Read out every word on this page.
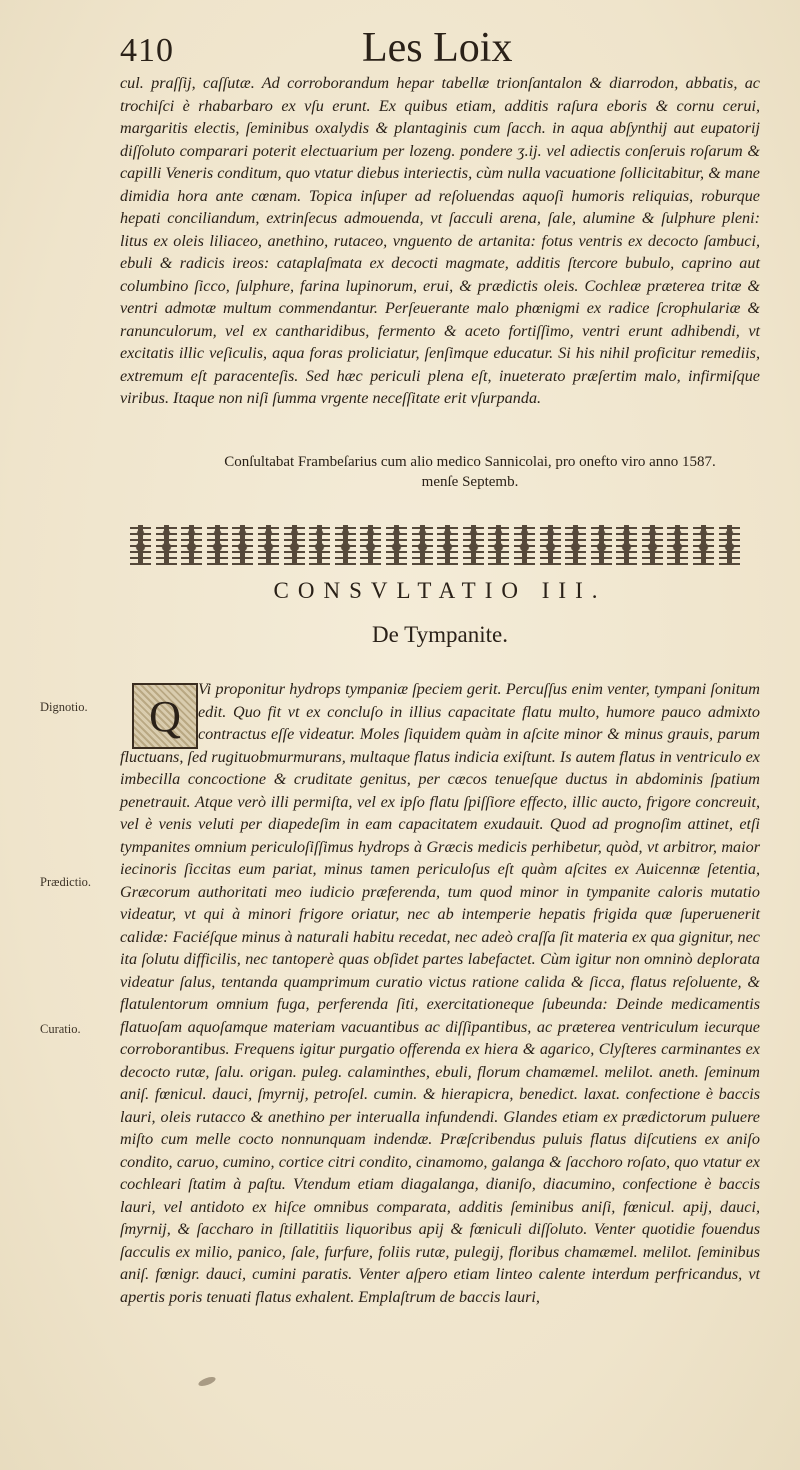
410	Les Loix

cul. praſſij, caſſutæ. Ad corroborandum hepar tabellæ trionſantalon & diarrodon, abbatis, ac trochiſci è rhabarbaro ex vſu erunt. Ex quibus etiam, additis raſura eboris & cornu cerui, margaritis electis, ſeminibus oxalydis & plantaginis cum ſacch. in aqua abſynthij aut eupatorij diſſoluto comparari poterit electuarium per lozeng. pondere ʒ.ij. vel adiectis conſeruis roſarum & capilli Veneris conditum, quo vtatur diebus interiectis, cùm nulla vacuatione ſollicitabitur, & mane dimidia hora ante cœnam. Topica inſuper ad reſoluendas aquoſi humoris reliquias, roburque hepati conciliandum, extrinſecus admouenda, vt ſacculi arena, ſale, alumine & ſulphure pleni: litus ex oleis liliaceo, anethino, rutaceo, vnguento de artanita: fotus ventris ex decocto ſambuci, ebuli & radicis ireos: cataplaſmata ex decocti magmate, additis ſtercore bubulo, caprino aut columbino ſicco, ſulphure, farina lupinorum, erui, & prædictis oleis. Cochleæ præterea tritæ & ventri admotæ multum commendantur. Perſeuerante malo phœnigmi ex radice ſcrophulariæ & ranunculorum, vel ex cantharidibus, fermento & aceto fortiſſimo, ventri erunt adhibendi, vt excitatis illic veſiculis, aqua foras proliciatur, ſenſimque educatur. Si his nihil proficitur remediis, extremum eſt paracenteſis. Sed hæc periculi plena eſt, inueterato præſertim malo, infirmiſque viribus. Itaque non niſi ſumma vrgente neceſſitate erit vſurpanda.

Conſultabat Frambeſarius cum alio medico Sannicolai, pro onefto viro anno 1587. menſe Septemb.
CONSVLTATIO III.
De Tympanite.
Dignotio.
Prædictio.
Curatio.
Q

Vi proponitur hydrops tympaniæ ſpeciem gerit. Percuſſus enim venter, tympani ſonitum edit. Quo fit vt ex concluſo in illius capacitate flatu multo, humore pauco admixto contractus eſſe videatur. Moles ſiquidem quàm in aſcite minor & minus grauis, parum fluctuans, ſed rugituobmurmurans, multaque flatus indicia exiſtunt. Is autem flatus in ventriculo ex imbecilla concoctione & cruditate genitus, per cæcos tenueſque ductus in abdominis ſpatium penetrauit. Atque verò illi permiſta, vel ex ipſo flatu ſpiſſiore effecto, illic aucto, frigore concreuit, vel è venis veluti per diapedeſim in eam capacitatem exudauit. Quod ad prognoſim attinet, etſi tympanites omnium periculoſiſſimus hydrops à Græcis medicis perhibetur, quòd, vt arbitror, maior iecinoris ſiccitas eum pariat, minus tamen periculoſus eſt quàm aſcites ex Auicennæ ſetentia, Græcorum authoritati meo iudicio præferenda, tum quod minor in tympanite caloris mutatio videatur, vt qui à minori frigore oriatur, nec ab intemperie hepatis frigida quæ ſuperuenerit calidæ: Faciéſque minus à naturali habitu recedat, nec adeò craſſa ſit materia ex qua gignitur, nec ita ſolutu difficilis, nec tantoperè quas obſidet partes labefactet. Cùm igitur non omninò deplorata videatur ſalus, tentanda quamprimum curatio victus ratione calida & ſicca, flatus reſoluente, & flatulentorum omnium fuga, perferenda ſiti, exercitationeque ſubeunda: Deinde medicamentis flatuoſam aquoſamque materiam vacuantibus ac diſſipantibus, ac præterea ventriculum iecurque corroborantibus. Frequens igitur purgatio offerenda ex hiera & agarico, Clyſteres carminantes ex decocto rutæ, ſalu. origan. puleg. calaminthes, ebuli, florum chamæmel. melilot. aneth. ſeminum aniſ. fœnicul. dauci, ſmyrnij, petroſel. cumin. & hierapicra, benedict. laxat. confectione è baccis lauri, oleis rutacco & anethino per interualla infundendi. Glandes etiam ex prædictorum puluere miſto cum melle cocto nonnunquam indendæ. Præſcribendus puluis flatus diſcutiens ex aniſo condito, caruo, cumino, cortice citri condito, cinamomo, galanga & ſacchoro roſato, quo vtatur ex cochleari ſtatim à paſtu. Vtendum etiam diagalanga, dianiſo, diacumino, confectione è baccis lauri, vel antidoto ex hiſce omnibus comparata, additis ſeminibus aniſi, fœnicul. apij, dauci, ſmyrnij, & ſaccharo in ſtillatitiis liquoribus apij & fœniculi diſſoluto. Venter quotidie fouendus ſacculis ex milio, panico, ſale, furfure, foliis rutæ, pulegij, floribus chamæmel. melilot. ſeminibus aniſ. fœnigr. dauci, cumini paratis. Venter aſpero etiam linteo calente interdum perfricandus, vt apertis poris tenuati flatus exhalent. Emplaſtrum de baccis lauri,
